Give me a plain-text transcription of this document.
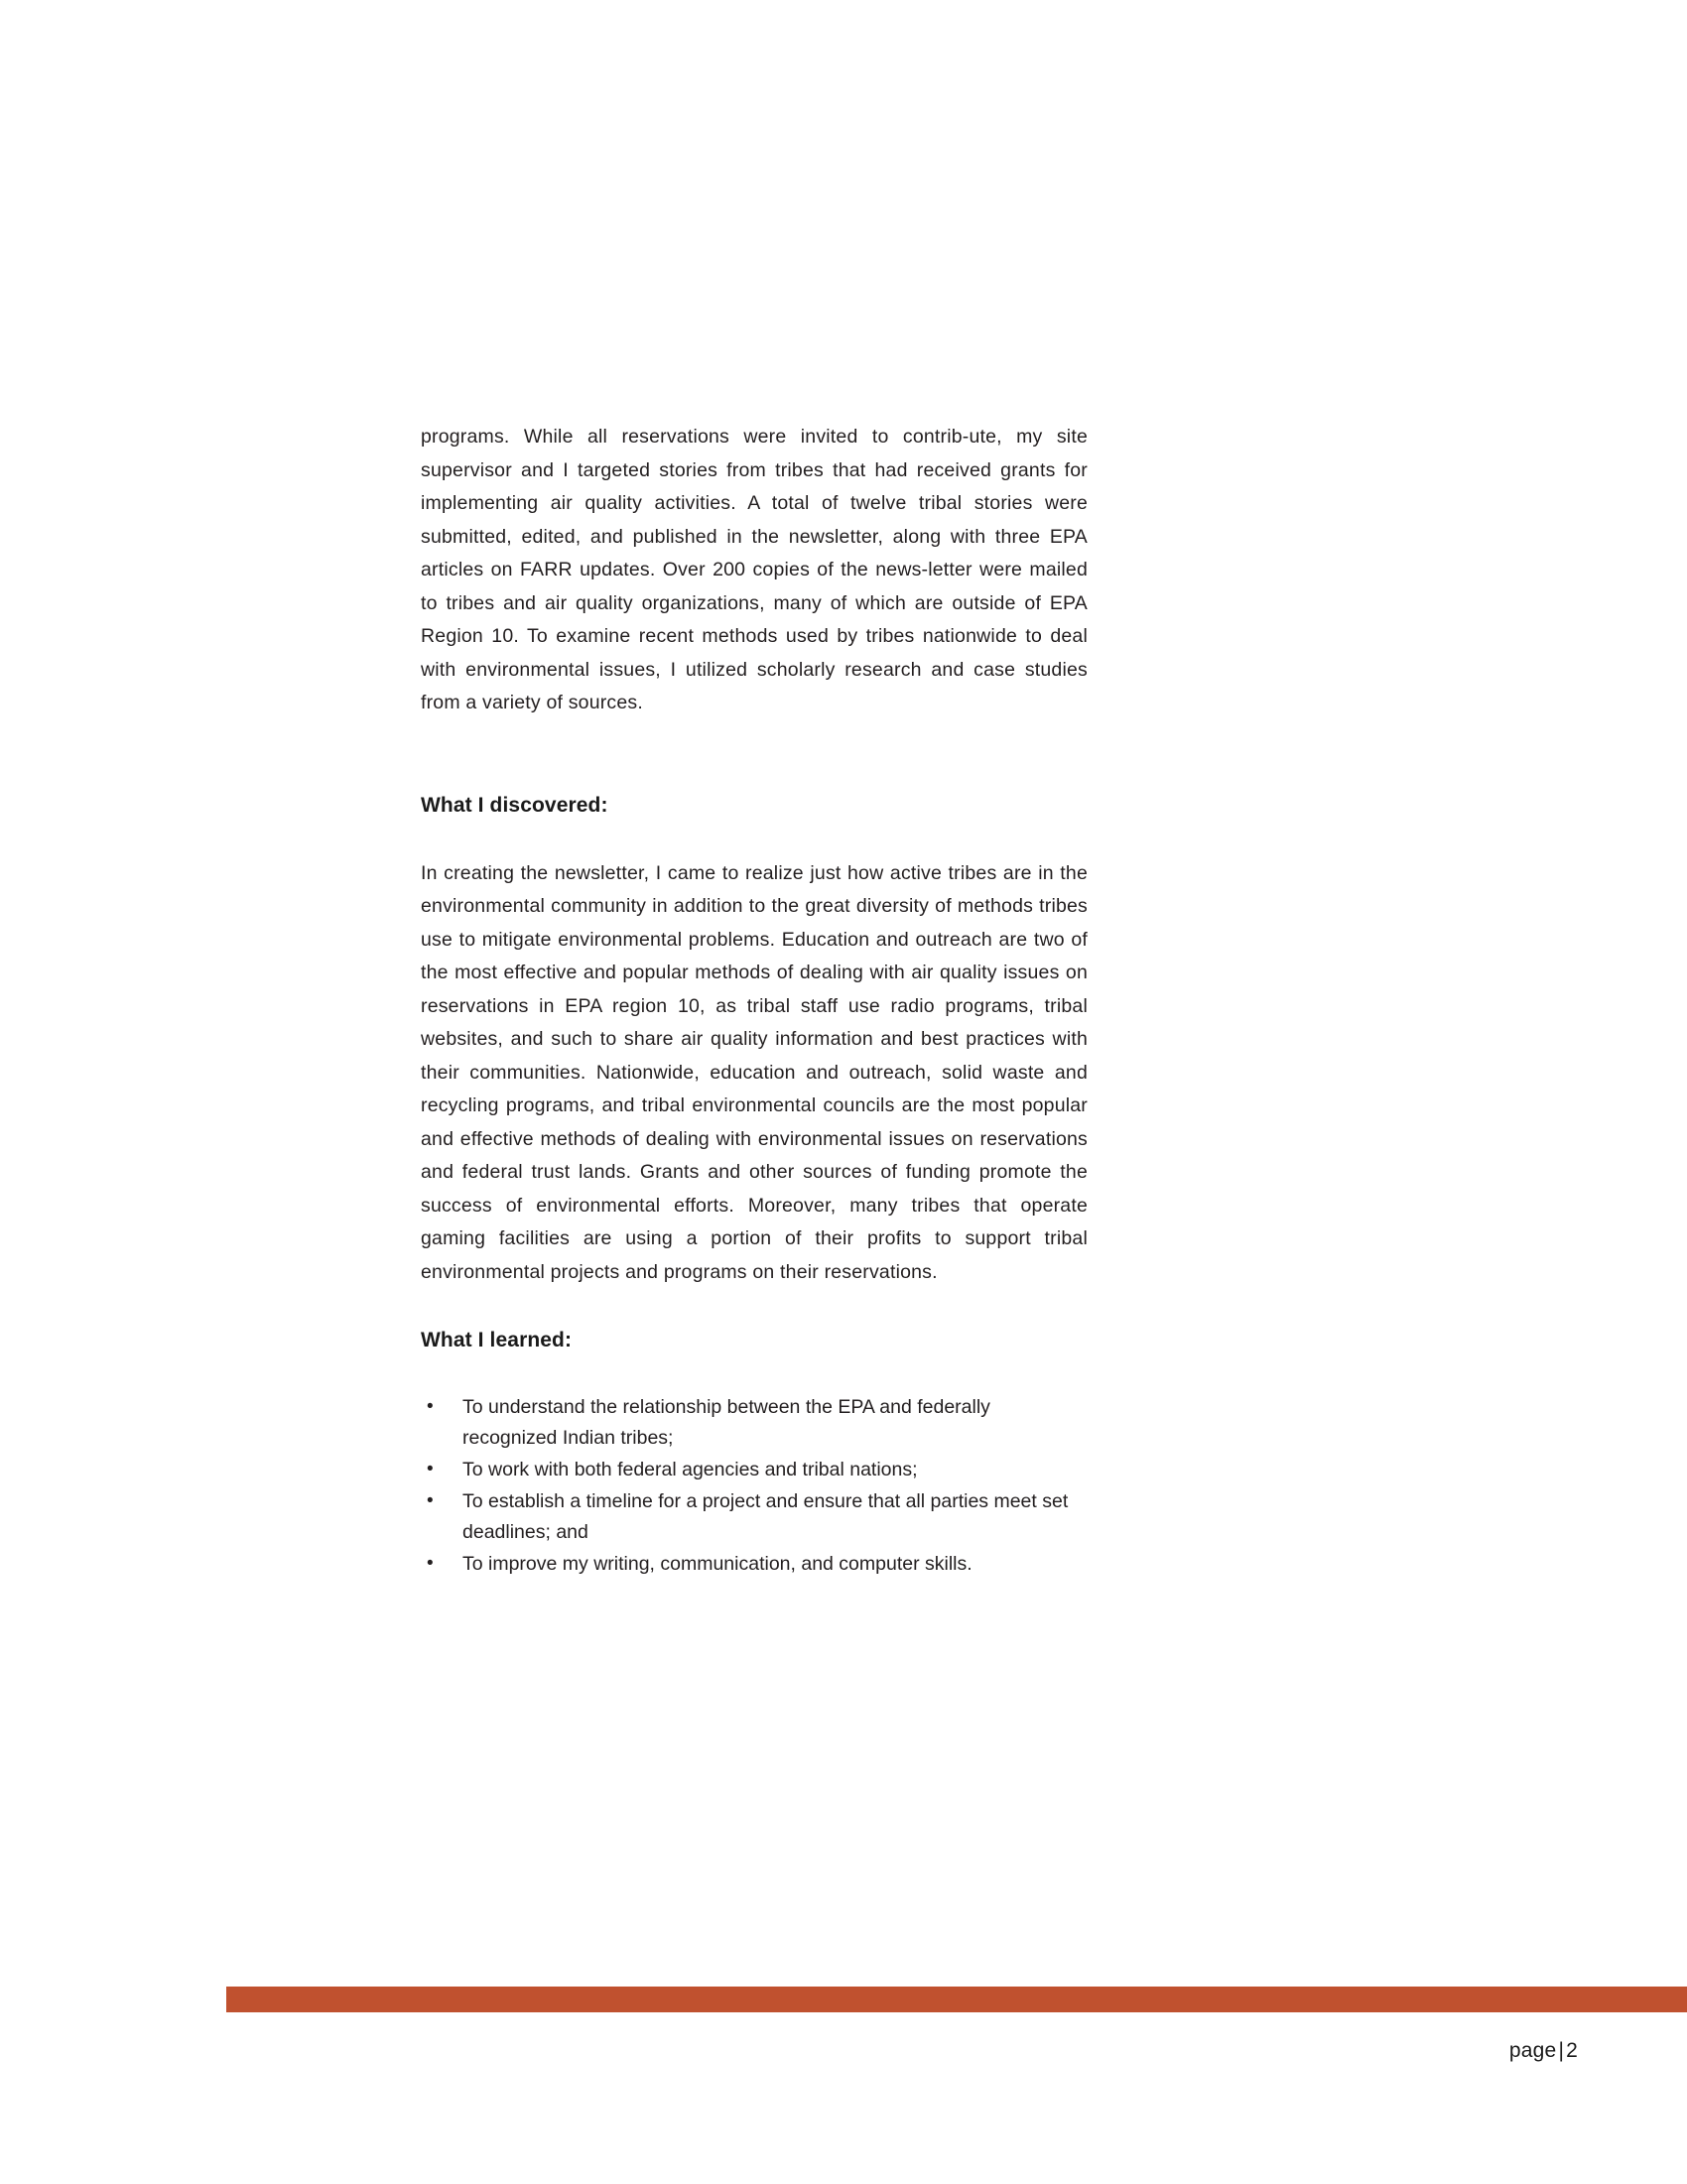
programs. While all reservations were invited to contrib-ute, my site supervisor and I targeted stories from tribes that had received grants for implementing air quality activities. A total of twelve tribal stories were submitted, edited, and published in the newsletter, along with three EPA articles on FARR updates. Over 200 copies of the news-letter were mailed to tribes and air quality organizations, many of which are outside of EPA Region 10. To examine recent methods used by tribes nationwide to deal with environmental issues, I utilized scholarly research and case studies from a variety of sources.

What I discovered:

In creating the newsletter, I came to realize just how active tribes are in the environmental community in addition to the great diversity of methods tribes use to mitigate environmental problems. Education and outreach are two of the most effective and popular methods of dealing with air quality issues on reservations in EPA region 10, as tribal staff use radio programs, tribal websites, and such to share air quality information and best practices with their communities. Nationwide, education and outreach, solid waste and recycling programs, and tribal environmental councils are the most popular and effective methods of dealing with environmental issues on reservations and federal trust lands. Grants and other sources of funding promote the success of environmental efforts. Moreover, many tribes that operate gaming facilities are using a portion of their profits to support tribal environmental projects and programs on their reservations.

What I learned:
• To understand the relationship between the EPA and federally recognized Indian tribes;
• To work with both federal agencies and tribal nations;
• To establish a timeline for a project and ensure that all parties meet set deadlines; and
• To improve my writing, communication, and computer skills.
page|2
